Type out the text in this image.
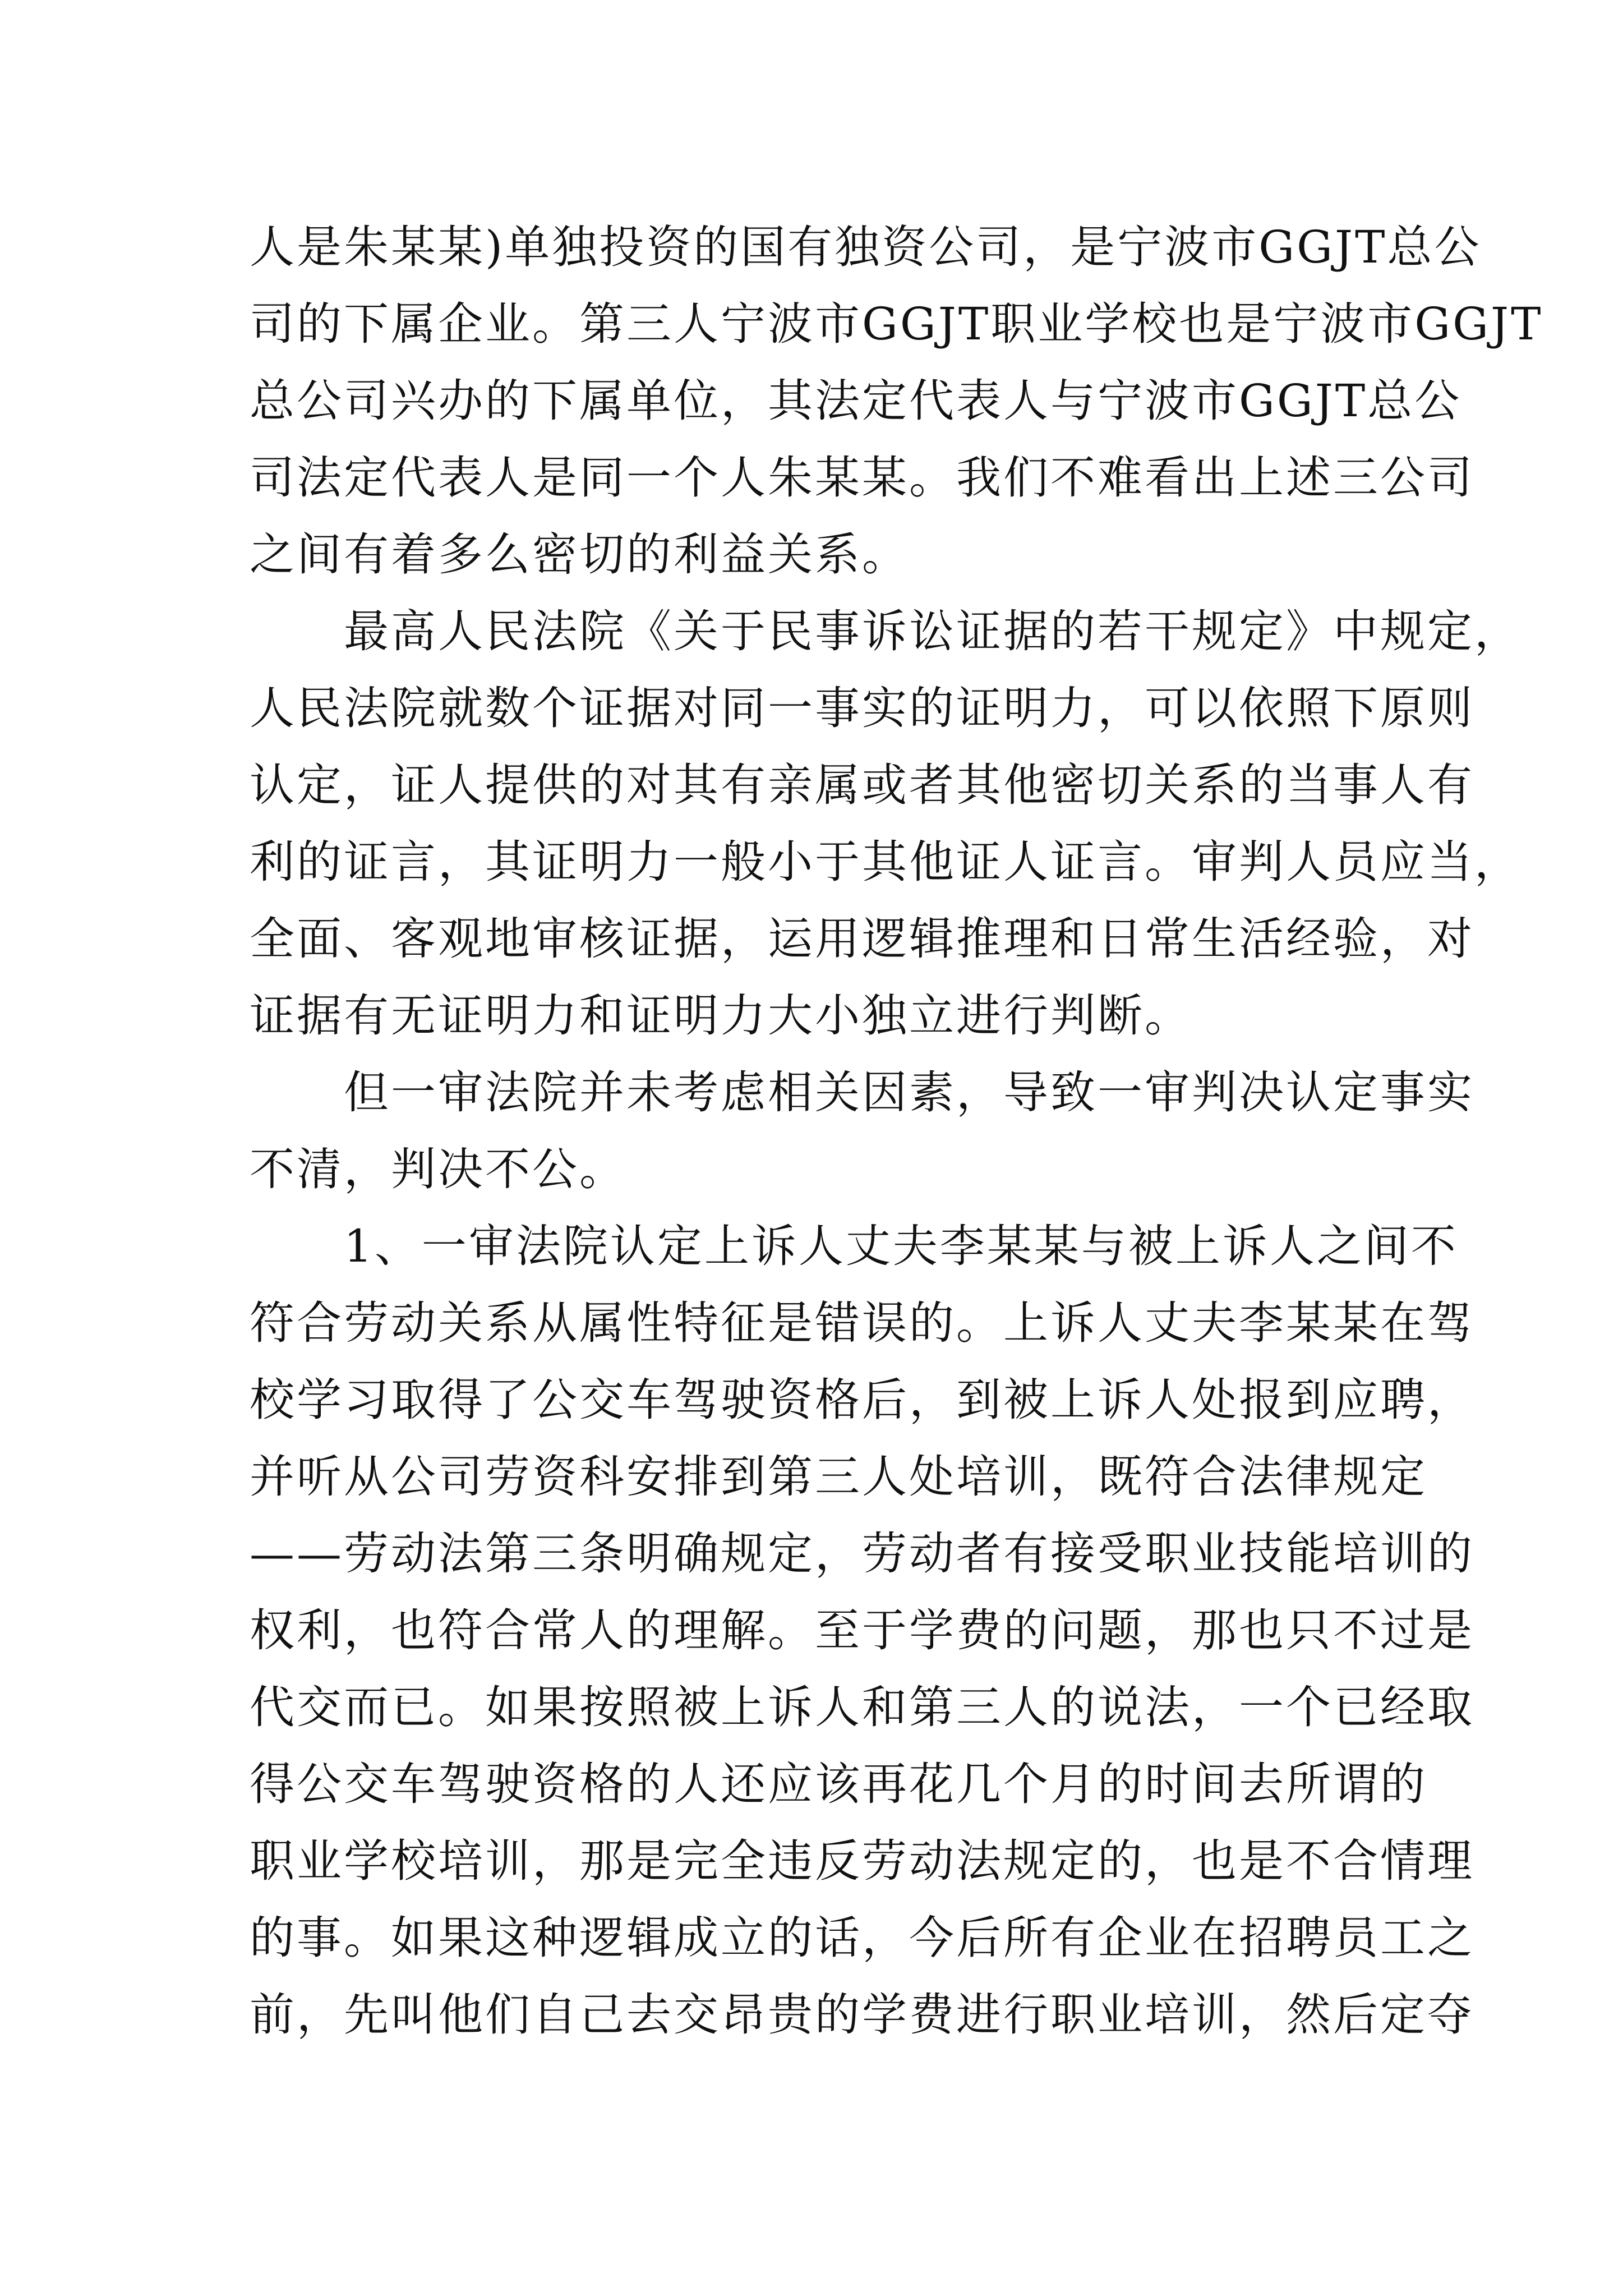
人是朱某某)单独投资的国有独资公司，是宁波市GGJT总公
司的下属企业。第三人宁波市GGJT职业学校也是宁波市GGJT
总公司兴办的下属单位，其法定代表人与宁波市GGJT总公
司法定代表人是同一个人朱某某。我们不难看出上述三公司
之间有着多么密切的利益关系。
最高人民法院《关于民事诉讼证据的若干规定》中规定，
人民法院就数个证据对同一事实的证明力，可以依照下原则
认定，证人提供的对其有亲属或者其他密切关系的当事人有
利的证言，其证明力一般小于其他证人证言。审判人员应当，
全面、客观地审核证据，运用逻辑推理和日常生活经验，对
证据有无证明力和证明力大小独立进行判断。
但一审法院并未考虑相关因素，导致一审判决认定事实
不清，判决不公。
1、一审法院认定上诉人丈夫李某某与被上诉人之间不
符合劳动关系从属性特征是错误的。上诉人丈夫李某某在驾
校学习取得了公交车驾驶资格后，到被上诉人处报到应聘，
并听从公司劳资科安排到第三人处培训，既符合法律规定
——劳动法第三条明确规定，劳动者有接受职业技能培训的
权利，也符合常人的理解。至于学费的问题，那也只不过是
代交而已。如果按照被上诉人和第三人的说法，一个已经取
得公交车驾驶资格的人还应该再花几个月的时间去所谓的
职业学校培训，那是完全违反劳动法规定的，也是不合情理
的事。如果这种逻辑成立的话，今后所有企业在招聘员工之
前，先叫他们自己去交昂贵的学费进行职业培训，然后定夺
